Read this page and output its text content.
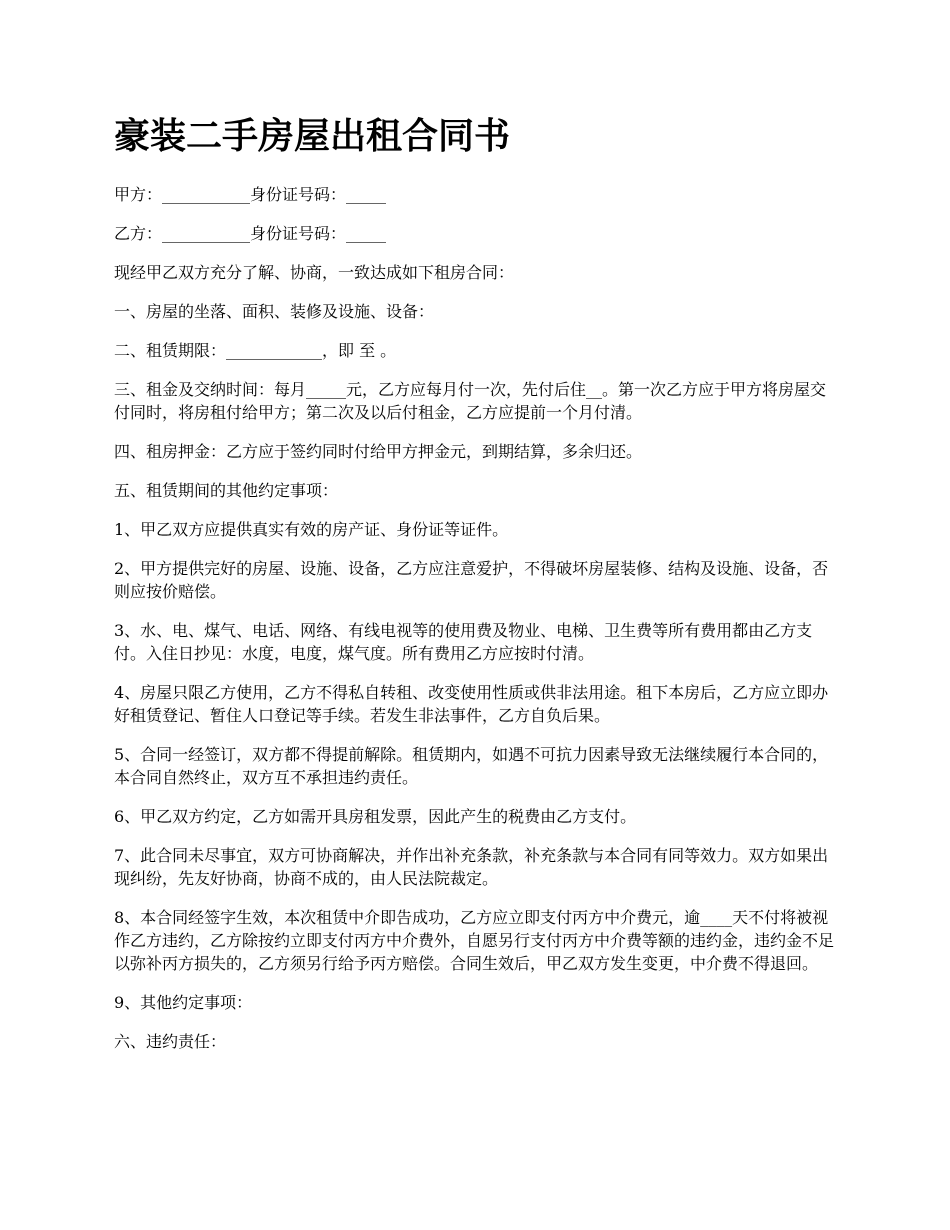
豪装二手房屋出租合同书

甲方：___________身份证号码：_____

乙方：___________身份证号码：_____

现经甲乙双方充分了解、协商，一致达成如下租房合同：

一、房屋的坐落、面积、装修及设施、设备：

二、租赁期限：____________，即 至 。

三、租金及交纳时间：每月_____元，乙方应每月付一次，先付后住__。第一次乙方应于甲方将房屋交付同时，将房租付给甲方；第二次及以后付租金，乙方应提前一个月付清。

四、租房押金：乙方应于签约同时付给甲方押金元，到期结算，多余归还。

五、租赁期间的其他约定事项：

1、甲乙双方应提供真实有效的房产证、身份证等证件。

2、甲方提供完好的房屋、设施、设备，乙方应注意爱护，不得破坏房屋装修、结构及设施、设备，否则应按价赔偿。

3、水、电、煤气、电话、网络、有线电视等的使用费及物业、电梯、卫生费等所有费用都由乙方支付。入住日抄见：水度，电度，煤气度。所有费用乙方应按时付清。

4、房屋只限乙方使用，乙方不得私自转租、改变使用性质或供非法用途。租下本房后，乙方应立即办好租赁登记、暂住人口登记等手续。若发生非法事件，乙方自负后果。

5、合同一经签订，双方都不得提前解除。租赁期内，如遇不可抗力因素导致无法继续履行本合同的，本合同自然终止，双方互不承担违约责任。

6、甲乙双方约定，乙方如需开具房租发票，因此产生的税费由乙方支付。

7、此合同未尽事宜，双方可协商解决，并作出补充条款，补充条款与本合同有同等效力。双方如果出现纠纷，先友好协商，协商不成的，由人民法院裁定。

8、本合同经签字生效，本次租赁中介即告成功，乙方应立即支付丙方中介费元，逾____天不付将被视作乙方违约，乙方除按约立即支付丙方中介费外，自愿另行支付丙方中介费等额的违约金，违约金不足以弥补丙方损失的，乙方须另行给予丙方赔偿。合同生效后，甲乙双方发生变更，中介费不得退回。

9、其他约定事项：

六、违约责任：
